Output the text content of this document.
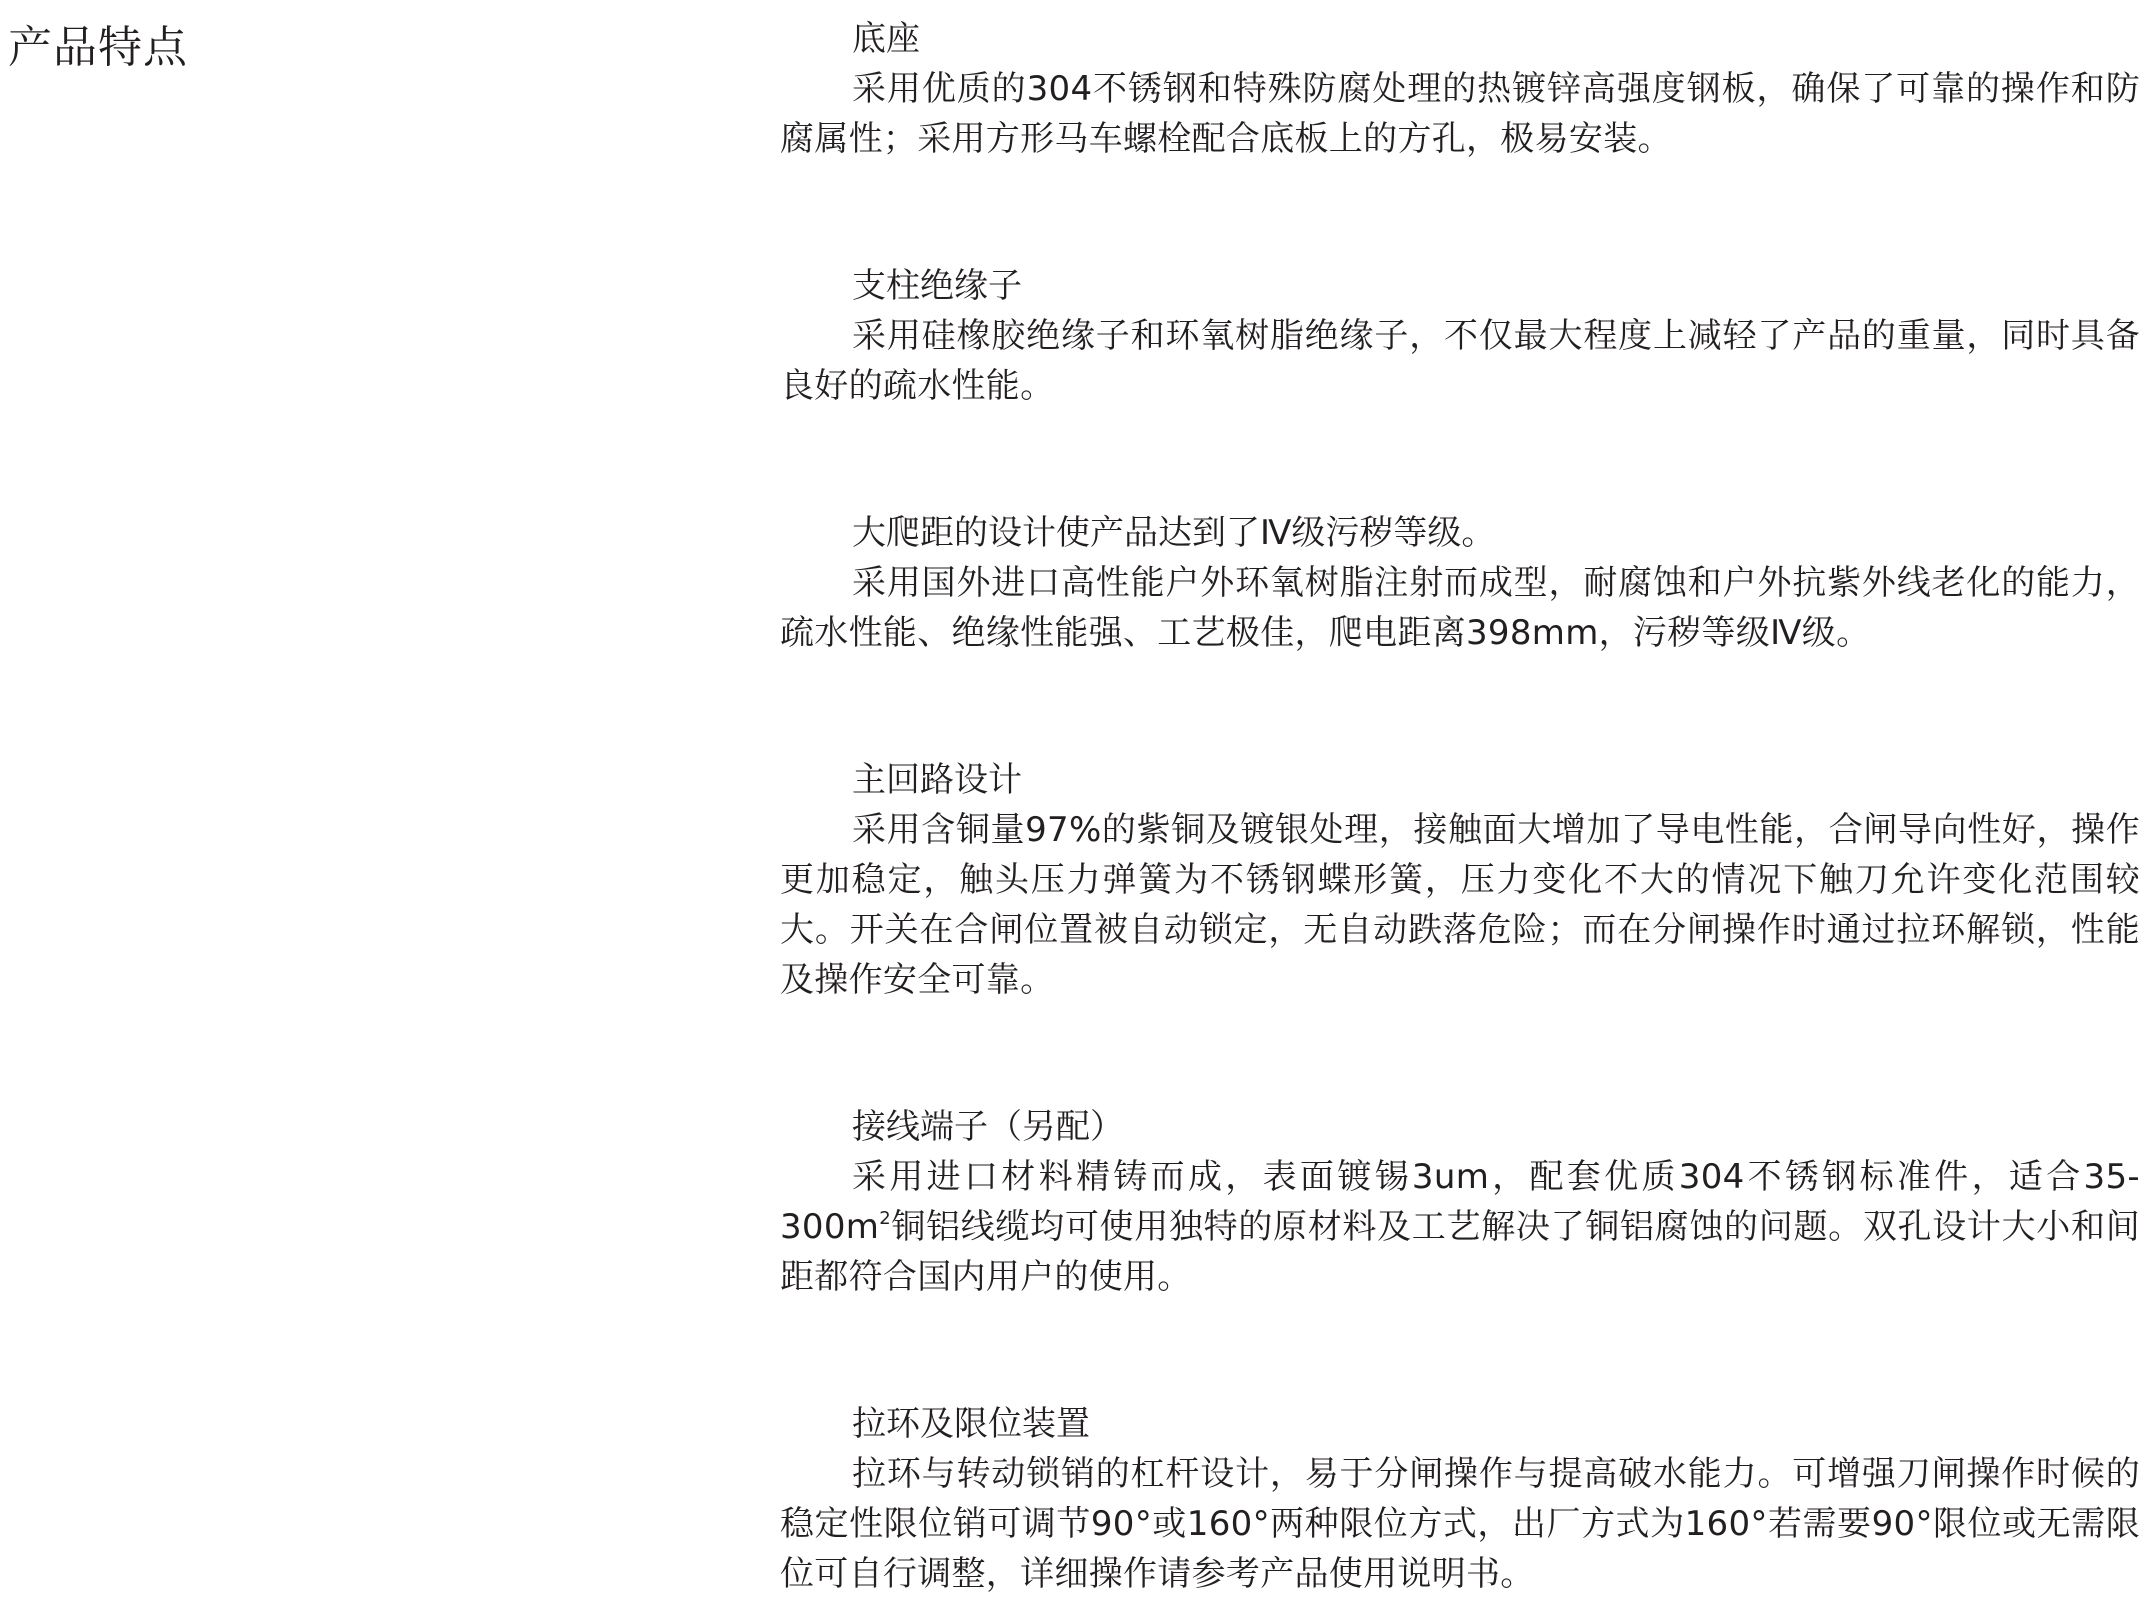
产品特点	底座

采用优质的304不锈钢和特殊防腐处理的热镀锌高强度钢板，确保了可靠的操作和防腐属性；采用方形马车螺栓配合底板上的方孔，极易安装。

支柱绝缘子

采用硅橡胶绝缘子和环氧树脂绝缘子，不仅最大程度上减轻了产品的重量，同时具备良好的疏水性能。

大爬距的设计使产品达到了Ⅳ级污秽等级。

采用国外进口高性能户外环氧树脂注射而成型，耐腐蚀和户外抗紫外线老化的能力，疏水性能、绝缘性能强、工艺极佳，爬电距离398mm，污秽等级Ⅳ级。

主回路设计

采用含铜量97%的紫铜及镀银处理，接触面大增加了导电性能，合闸导向性好，操作更加稳定，触头压力弹簧为不锈钢蝶形簧，压力变化不大的情况下触刀允许变化范围较大。开关在合闸位置被自动锁定，无自动跌落危险；而在分闸操作时通过拉环解锁，性能及操作安全可靠。

接线端子（另配）

采用进口材料精铸而成，表面镀锡3um，配套优质304不锈钢标准件，适合$35-300m^2$铜铝线缆均可使用独特的原材料及工艺解决了铜铝腐蚀的问题。双孔设计大小和间距都符合国内用户的使用。

拉环及限位装置

拉环与转动锁销的杠杆设计，易于分闸操作与提高破水能力。可增强刀闸操作时候的稳定性限位销可调节90°或160°两种限位方式，出厂方式为160°若需要90°限位或无需限位可自行调整，详细操作请参考产品使用说明书。
